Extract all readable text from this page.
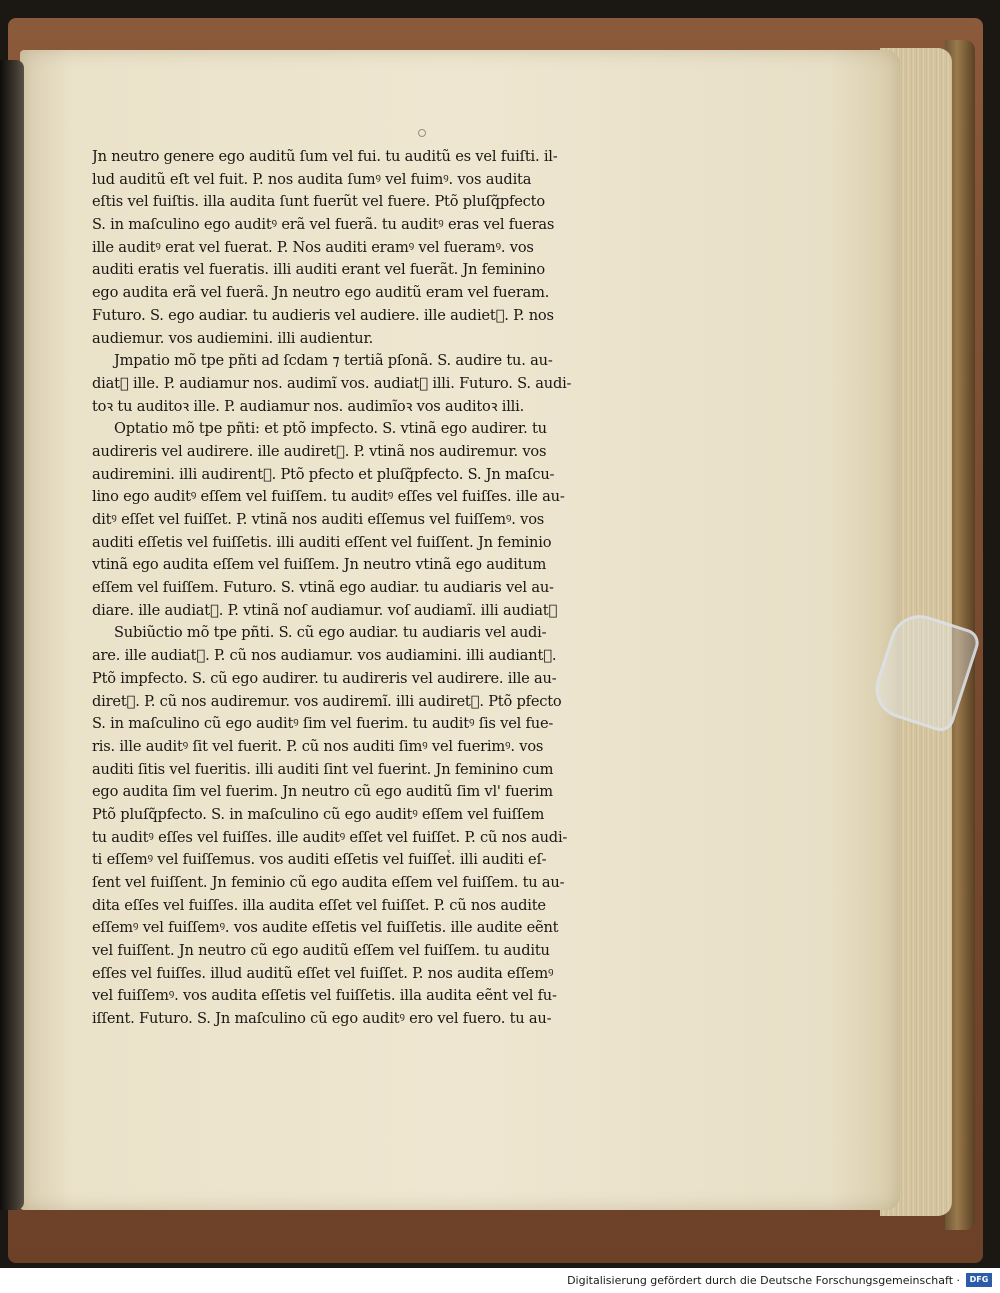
Jn neutro genere ego auditũ ſum vel fui. tu auditũ es vel fuiſti. il-
lud auditũ eſt vel fuit. P. nos audita ſumꝰ vel fuimꝰ. vos audita
eſtis vel fuiſtis. illa audita ſunt fuerũt vel fuere. Ptõ pluſq̃pfecto
S. in maſculino ego auditꝰ erã vel fuerã. tu auditꝰ eras vel fueras
ille auditꝰ erat vel fuerat. P. Nos auditi eramꝰ vel fueramꝰ. vos
auditi eratis vel fueratis. illi auditi erant vel fuerãt. Jn feminino
ego audita erã vel fuerã. Jn neutro ego auditũ eram vel fueram.
Futuro. S. ego audiar. tu audieris vel audiere. ille audietᷣ. P. nos
audiemur. vos audiemini. illi audientur.
Jmpatio mõ tpe pñti ad ſcdam ⁊ tertiã pſonã. S. audire tu. au-
diatᷣ ille. P. audiamur nos. audimĩ vos. audiatᷣ illi. Futuro. S. audi-
toꝛ tu auditoꝛ ille. P. audiamur nos. audimĩoꝛ vos auditoꝛ illi.
Optatio mõ tpe pñti: et ptõ impfecto. S. vtinã ego audirer. tu
audireris vel audirere. ille audiretᷣ. P. vtinã nos audiremur. vos
audiremini. illi audirentᷣ. Ptõ pfecto et pluſq̃pfecto. S. Jn maſcu-
lino ego auditꝰ eſſem vel fuiſſem. tu auditꝰ eſſes vel fuiſſes. ille au-
ditꝰ eſſet vel fuiſſet. P. vtinã nos auditi eſſemus vel fuiſſemꝰ. vos
auditi eſſetis vel fuiſſetis. illi auditi eſſent vel fuiſſent. Jn feminio
vtinã ego audita eſſem vel fuiſſem. Jn neutro vtinã ego auditum
eſſem vel fuiſſem. Futuro. S. vtinã ego audiar. tu audiaris vel au-
diare. ille audiatᷣ. P. vtinã noſ audiamur. voſ audiamĩ. illi audiatᷣ
Subiũctio mõ tpe pñti. S. cũ ego audiar. tu audiaris vel audi-
are. ille audiatᷣ. P. cũ nos audiamur. vos audiamini. illi audiantᷣ.
Ptõ impfecto. S. cũ ego audirer. tu audireris vel audirere. ille au-
diretᷣ. P. cũ nos audiremur. vos audiremĩ. illi audiretᷣ. Ptõ pfecto
S. in maſculino cũ ego auditꝰ ſim vel fuerim. tu auditꝰ ſis vel fue-
ris. ille auditꝰ ſit vel fuerit. P. cũ nos auditi ſimꝰ vel fuerimꝰ. vos
auditi ſitis vel fueritis. illi auditi ſint vel fuerint. Jn feminino cum
ego audita ſim vel fuerim. Jn neutro cũ ego auditũ ſim vl' fuerim
Ptõ pluſq̃pfecto. S. in maſculino cũ ego auditꝰ eſſem vel fuiſſem
tu auditꝰ eſſes vel fuiſſes. ille auditꝰ eſſet vel fuiſſet. P. cũ nos audi-
ti eſſemꝰ vel fuiſſemus. vos auditi eſſetis vel fuiſſetᷣ. illi auditi eſ-
ſent vel fuiſſent. Jn feminio cũ ego audita eſſem vel fuiſſem. tu au-
dita eſſes vel fuiſſes. illa audita eſſet vel fuiſſet. P. cũ nos audite
eſſemꝰ vel fuiſſemꝰ. vos audite eſſetis vel fuiſſetis. ille audite eẽnt
vel fuiſſent. Jn neutro cũ ego auditũ eſſem vel fuiſſem. tu auditu
eſſes vel fuiſſes. illud auditũ eſſet vel fuiſſet. P. nos audita eſſemꝰ
vel fuiſſemꝰ. vos audita eſſetis vel fuiſſetis. illa audita eẽnt vel fu-
iſſent. Futuro. S. Jn maſculino cũ ego auditꝰ ero vel fuero. tu au-
Digitalisierung gefördert durch die Deutsche Forschungsgemeinschaft ·	DFG
